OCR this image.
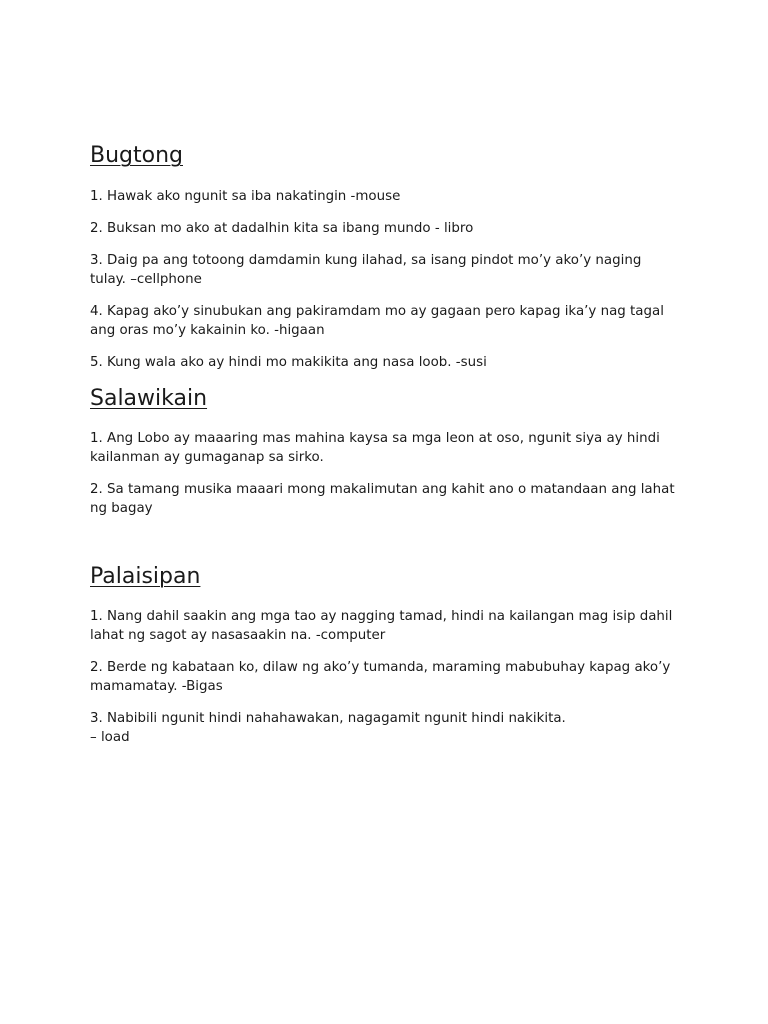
Bugtong

1. Hawak ako ngunit sa iba nakatingin -mouse

2. Buksan mo ako at dadalhin kita sa ibang mundo - libro

3. Daig pa ang totoong damdamin kung ilahad, sa isang pindot mo’y ako’y naging tulay. –cellphone

4. Kapag ako’y sinubukan ang pakiramdam mo ay gagaan pero kapag ika’y nag tagal ang oras mo’y kakainin ko. -higaan

5. Kung wala ako ay hindi mo makikita ang nasa loob. -susi

Salawikain

1. Ang Lobo ay maaaring mas mahina kaysa sa mga leon at oso, ngunit siya ay hindi kailanman ay gumaganap sa sirko.

2. Sa tamang musika maaari mong makalimutan ang kahit ano o matandaan ang lahat ng bagay

Palaisipan

1. Nang dahil saakin ang mga tao ay nagging tamad, hindi na kailangan mag isip dahil lahat ng sagot ay nasasaakin na. -computer

2. Berde ng kabataan ko, dilaw ng ako’y tumanda, maraming mabubuhay kapag ako’y mamamatay. -Bigas

3. Nabibili ngunit hindi nahahawakan, nagagamit ngunit hindi nakikita.
– load
